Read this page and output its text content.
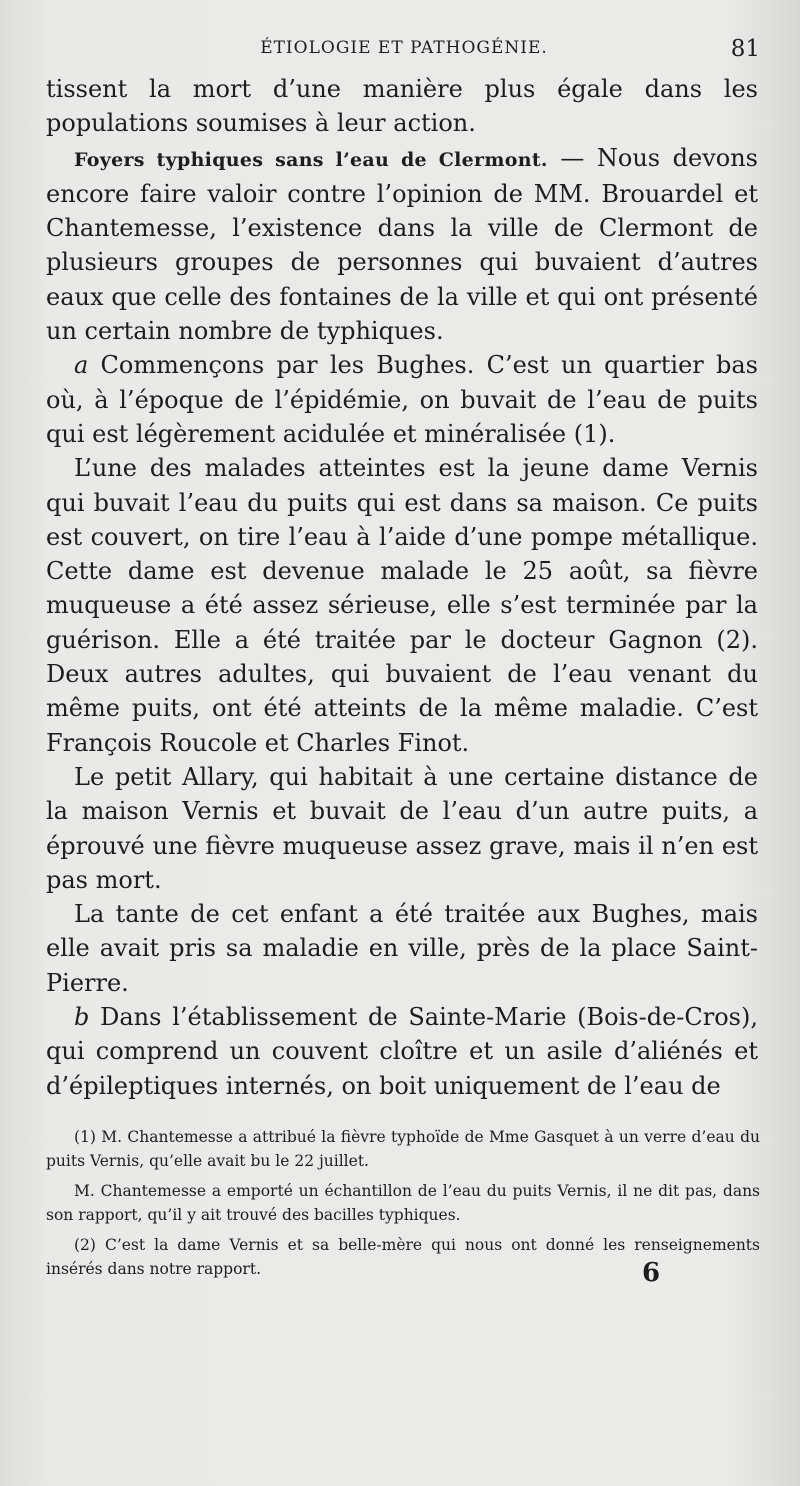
ÉTIOLOGIE ET PATHOGÉNIE.	81

tissent la mort d’une manière plus égale dans les populations soumises à leur action.

Foyers typhiques sans l’eau de Clermont. — Nous devons encore faire valoir contre l’opinion de MM. Brouardel et Chantemesse, l’existence dans la ville de Clermont de plusieurs groupes de personnes qui buvaient d’autres eaux que celle des fontaines de la ville et qui ont présenté un certain nombre de typhiques.

a Commençons par les Bughes. C’est un quartier bas où, à l’époque de l’épidémie, on buvait de l’eau de puits qui est légèrement acidulée et minéralisée (1).

L’une des malades atteintes est la jeune dame Vernis qui buvait l’eau du puits qui est dans sa maison. Ce puits est couvert, on tire l’eau à l’aide d’une pompe métallique. Cette dame est devenue malade le 25 août, sa fièvre muqueuse a été assez sérieuse, elle s’est terminée par la guérison. Elle a été traitée par le docteur Gagnon (2). Deux autres adultes, qui buvaient de l’eau venant du même puits, ont été atteints de la même maladie. C’est François Roucole et Charles Finot.

Le petit Allary, qui habitait à une certaine distance de la maison Vernis et buvait de l’eau d’un autre puits, a éprouvé une fièvre muqueuse assez grave, mais il n’en est pas mort.

La tante de cet enfant a été traitée aux Bughes, mais elle avait pris sa maladie en ville, près de la place Saint-Pierre.

b Dans l’établissement de Sainte-Marie (Bois-de-Cros), qui comprend un couvent cloître et un asile d’aliénés et d’épileptiques internés, on boit uniquement de l’eau de

(1) M. Chantemesse a attribué la fièvre typhoïde de Mme Gasquet à un verre d’eau du puits Vernis, qu’elle avait bu le 22 juillet.

M. Chantemesse a emporté un échantillon de l’eau du puits Vernis, il ne dit pas, dans son rapport, qu’il y ait trouvé des bacilles typhiques.

(2) C’est la dame Vernis et sa belle-mère qui nous ont donné les renseignements insérés dans notre rapport.	6
